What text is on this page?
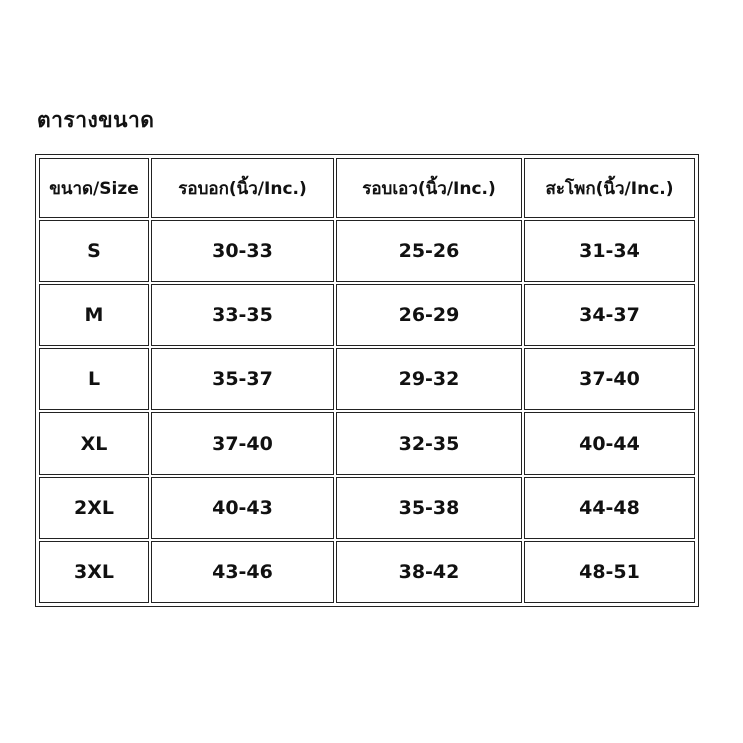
ตารางขนาด
ขนาด/Size	รอบอก(นิ้ว/Inc.)	รอบเอว(นิ้ว/Inc.)	สะโพก(นิ้ว/Inc.)
S	30-33	25-26	31-34
M	33-35	26-29	34-37
L	35-37	29-32	37-40
XL	37-40	32-35	40-44
2XL	40-43	35-38	44-48
3XL	43-46	38-42	48-51
